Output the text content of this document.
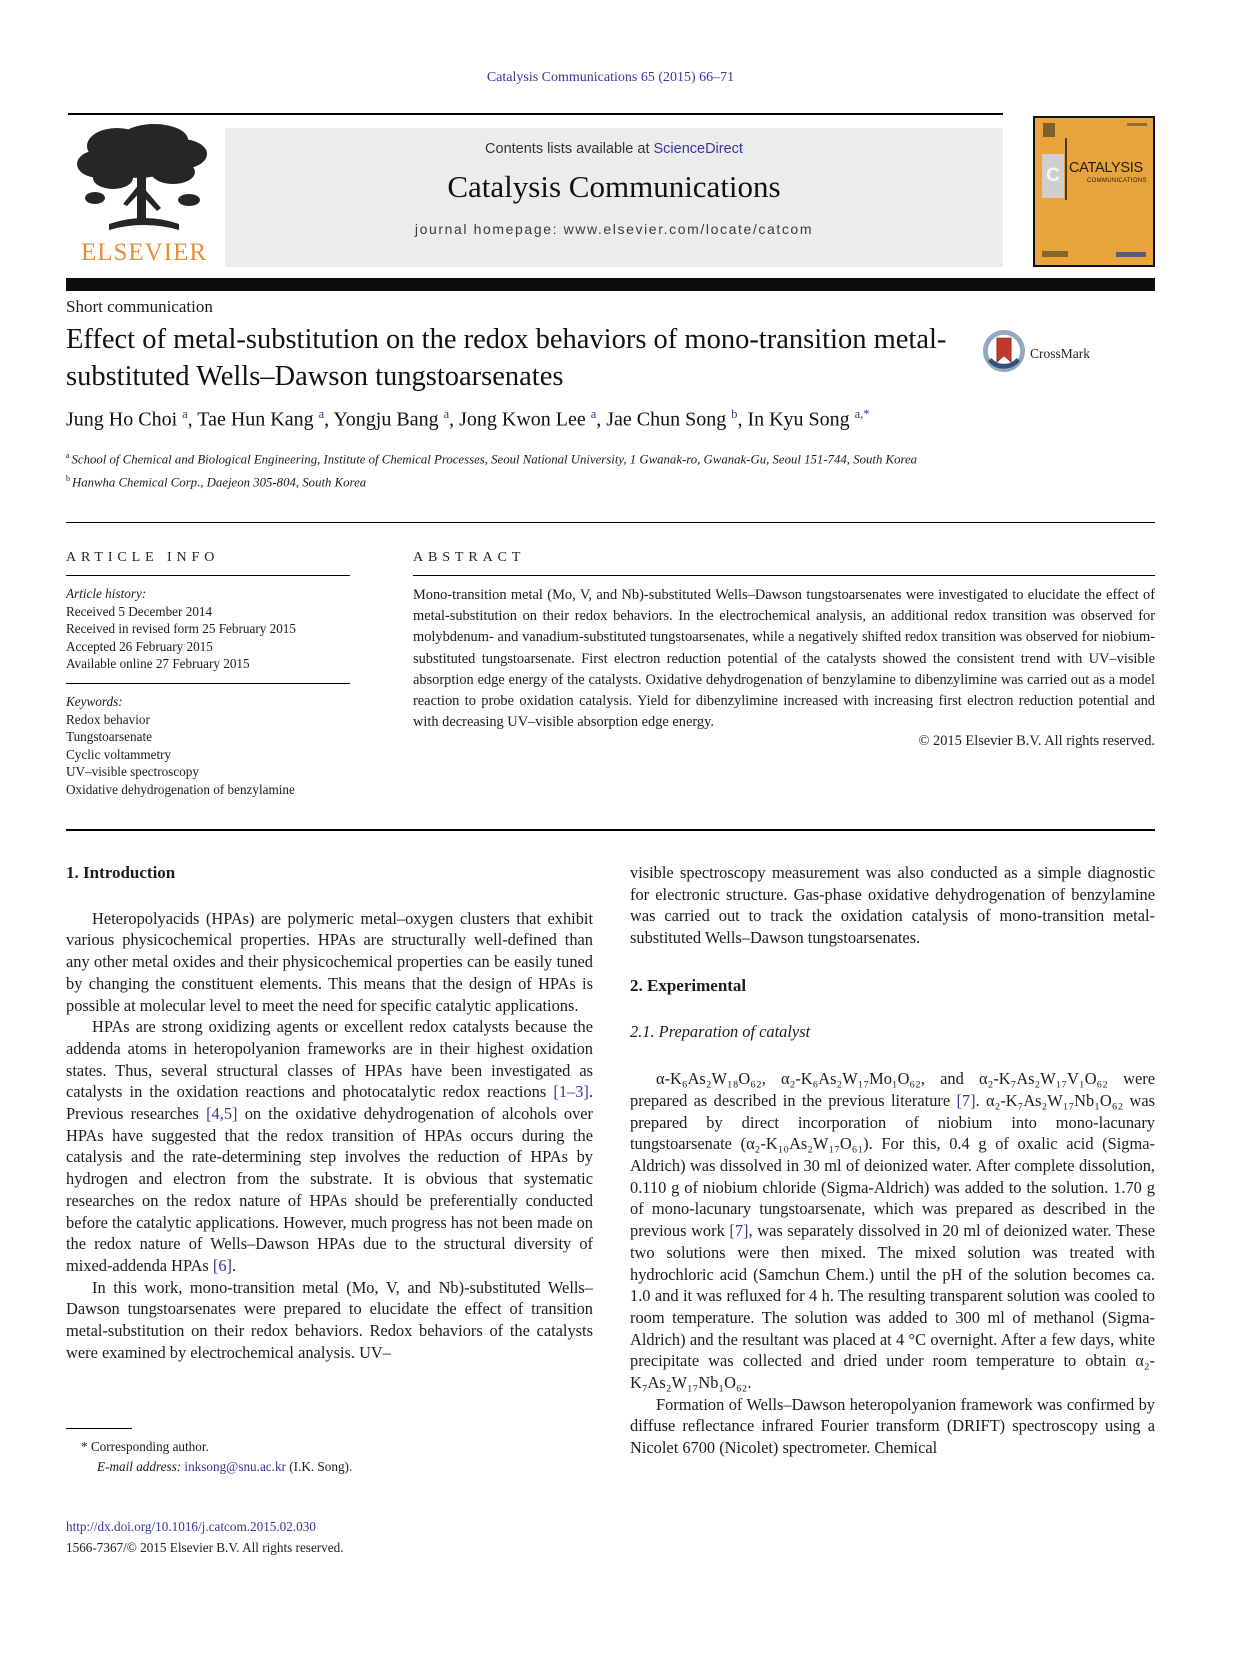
Catalysis Communications 65 (2015) 66–71
ELSEVIER
Contents lists available at ScienceDirect
Catalysis Communications
journal homepage: www.elsevier.com/locate/catcom
C CATALYSIS
COMMUNICATIONS
Short communication
Effect of metal-substitution on the redox behaviors of mono-transition metal-substituted Wells–Dawson tungstoarsenates
CrossMark
Jung Ho Choi $^a$, Tae Hun Kang $^a$, Yongju Bang $^a$, Jong Kwon Lee $^a$, Jae Chun Song $^b$, In Kyu Song $^{a,*}$
$^a$ School of Chemical and Biological Engineering, Institute of Chemical Processes, Seoul National University, 1 Gwanak-ro, Gwanak-Gu, Seoul 151-744, South Korea
$^b$ Hanwha Chemical Corp., Daejeon 305-804, South Korea
ARTICLE INFO
Article history:
Received 5 December 2014
Received in revised form 25 February 2015
Accepted 26 February 2015
Available online 27 February 2015
Keywords:
Redox behavior
Tungstoarsenate
Cyclic voltammetry
UV–visible spectroscopy
Oxidative dehydrogenation of benzylamine
ABSTRACT
Mono-transition metal (Mo, V, and Nb)-substituted Wells–Dawson tungstoarsenates were investigated to elucidate the effect of metal-substitution on their redox behaviors. In the electrochemical analysis, an additional redox transition was observed for molybdenum- and vanadium-substituted tungstoarsenates, while a negatively shifted redox transition was observed for niobium-substituted tungstoarsenate. First electron reduction potential of the catalysts showed the consistent trend with UV–visible absorption edge energy of the catalysts. Oxidative dehydrogenation of benzylamine to dibenzylimine was carried out as a model reaction to probe oxidation catalysis. Yield for dibenzylimine increased with increasing first electron reduction potential and with decreasing UV–visible absorption edge energy.
© 2015 Elsevier B.V. All rights reserved.
1. Introduction

Heteropolyacids (HPAs) are polymeric metal–oxygen clusters that exhibit various physicochemical properties. HPAs are structurally well-defined than any other metal oxides and their physicochemical properties can be easily tuned by changing the constituent elements. This means that the design of HPAs is possible at molecular level to meet the need for specific catalytic applications.

HPAs are strong oxidizing agents or excellent redox catalysts because the addenda atoms in heteropolyanion frameworks are in their highest oxidation states. Thus, several structural classes of HPAs have been investigated as catalysts in the oxidation reactions and photocatalytic redox reactions [1–3]. Previous researches [4,5] on the oxidative dehydrogenation of alcohols over HPAs have suggested that the redox transition of HPAs occurs during the catalysis and the rate-determining step involves the reduction of HPAs by hydrogen and electron from the substrate. It is obvious that systematic researches on the redox nature of HPAs should be preferentially conducted before the catalytic applications. However, much progress has not been made on the redox nature of Wells–Dawson HPAs due to the structural diversity of mixed-addenda HPAs [6].

In this work, mono-transition metal (Mo, V, and Nb)-substituted Wells–Dawson tungstoarsenates were prepared to elucidate the effect of transition metal-substitution on their redox behaviors. Redox behaviors of the catalysts were examined by electrochemical analysis. UV–

visible spectroscopy measurement was also conducted as a simple diagnostic for electronic structure. Gas-phase oxidative dehydrogenation of benzylamine was carried out to track the oxidation catalysis of mono-transition metal-substituted Wells–Dawson tungstoarsenates.

2. Experimental
2.1. Preparation of catalyst

α-K₆As₂W₁₈O₆₂, α₂-K₆As₂W₁₇Mo₁O₆₂, and α₂-K₇As₂W₁₇V₁O₆₂ were prepared as described in the previous literature [7]. α₂-K₇As₂W₁₇Nb₁O₆₂ was prepared by direct incorporation of niobium into mono-lacunary tungstoarsenate (α₂-K₁₀As₂W₁₇O₆₁). For this, 0.4 g of oxalic acid (Sigma-Aldrich) was dissolved in 30 ml of deionized water. After complete dissolution, 0.110 g of niobium chloride (Sigma-Aldrich) was added to the solution. 1.70 g of mono-lacunary tungstoarsenate, which was prepared as described in the previous work [7], was separately dissolved in 20 ml of deionized water. These two solutions were then mixed. The mixed solution was treated with hydrochloric acid (Samchun Chem.) until the pH of the solution becomes ca. 1.0 and it was refluxed for 4 h. The resulting transparent solution was cooled to room temperature. The solution was added to 300 ml of methanol (Sigma-Aldrich) and the resultant was placed at 4 °C overnight. After a few days, white precipitate was collected and dried under room temperature to obtain α₂-K₇As₂W₁₇Nb₁O₆₂.

Formation of Wells–Dawson heteropolyanion framework was confirmed by diffuse reflectance infrared Fourier transform (DRIFT) spectroscopy using a Nicolet 6700 (Nicolet) spectrometer. Chemical

* Corresponding author.
E-mail address: inksong@snu.ac.kr (I.K. Song).
http://dx.doi.org/10.1016/j.catcom.2015.02.030
1566-7367/© 2015 Elsevier B.V. All rights reserved.
